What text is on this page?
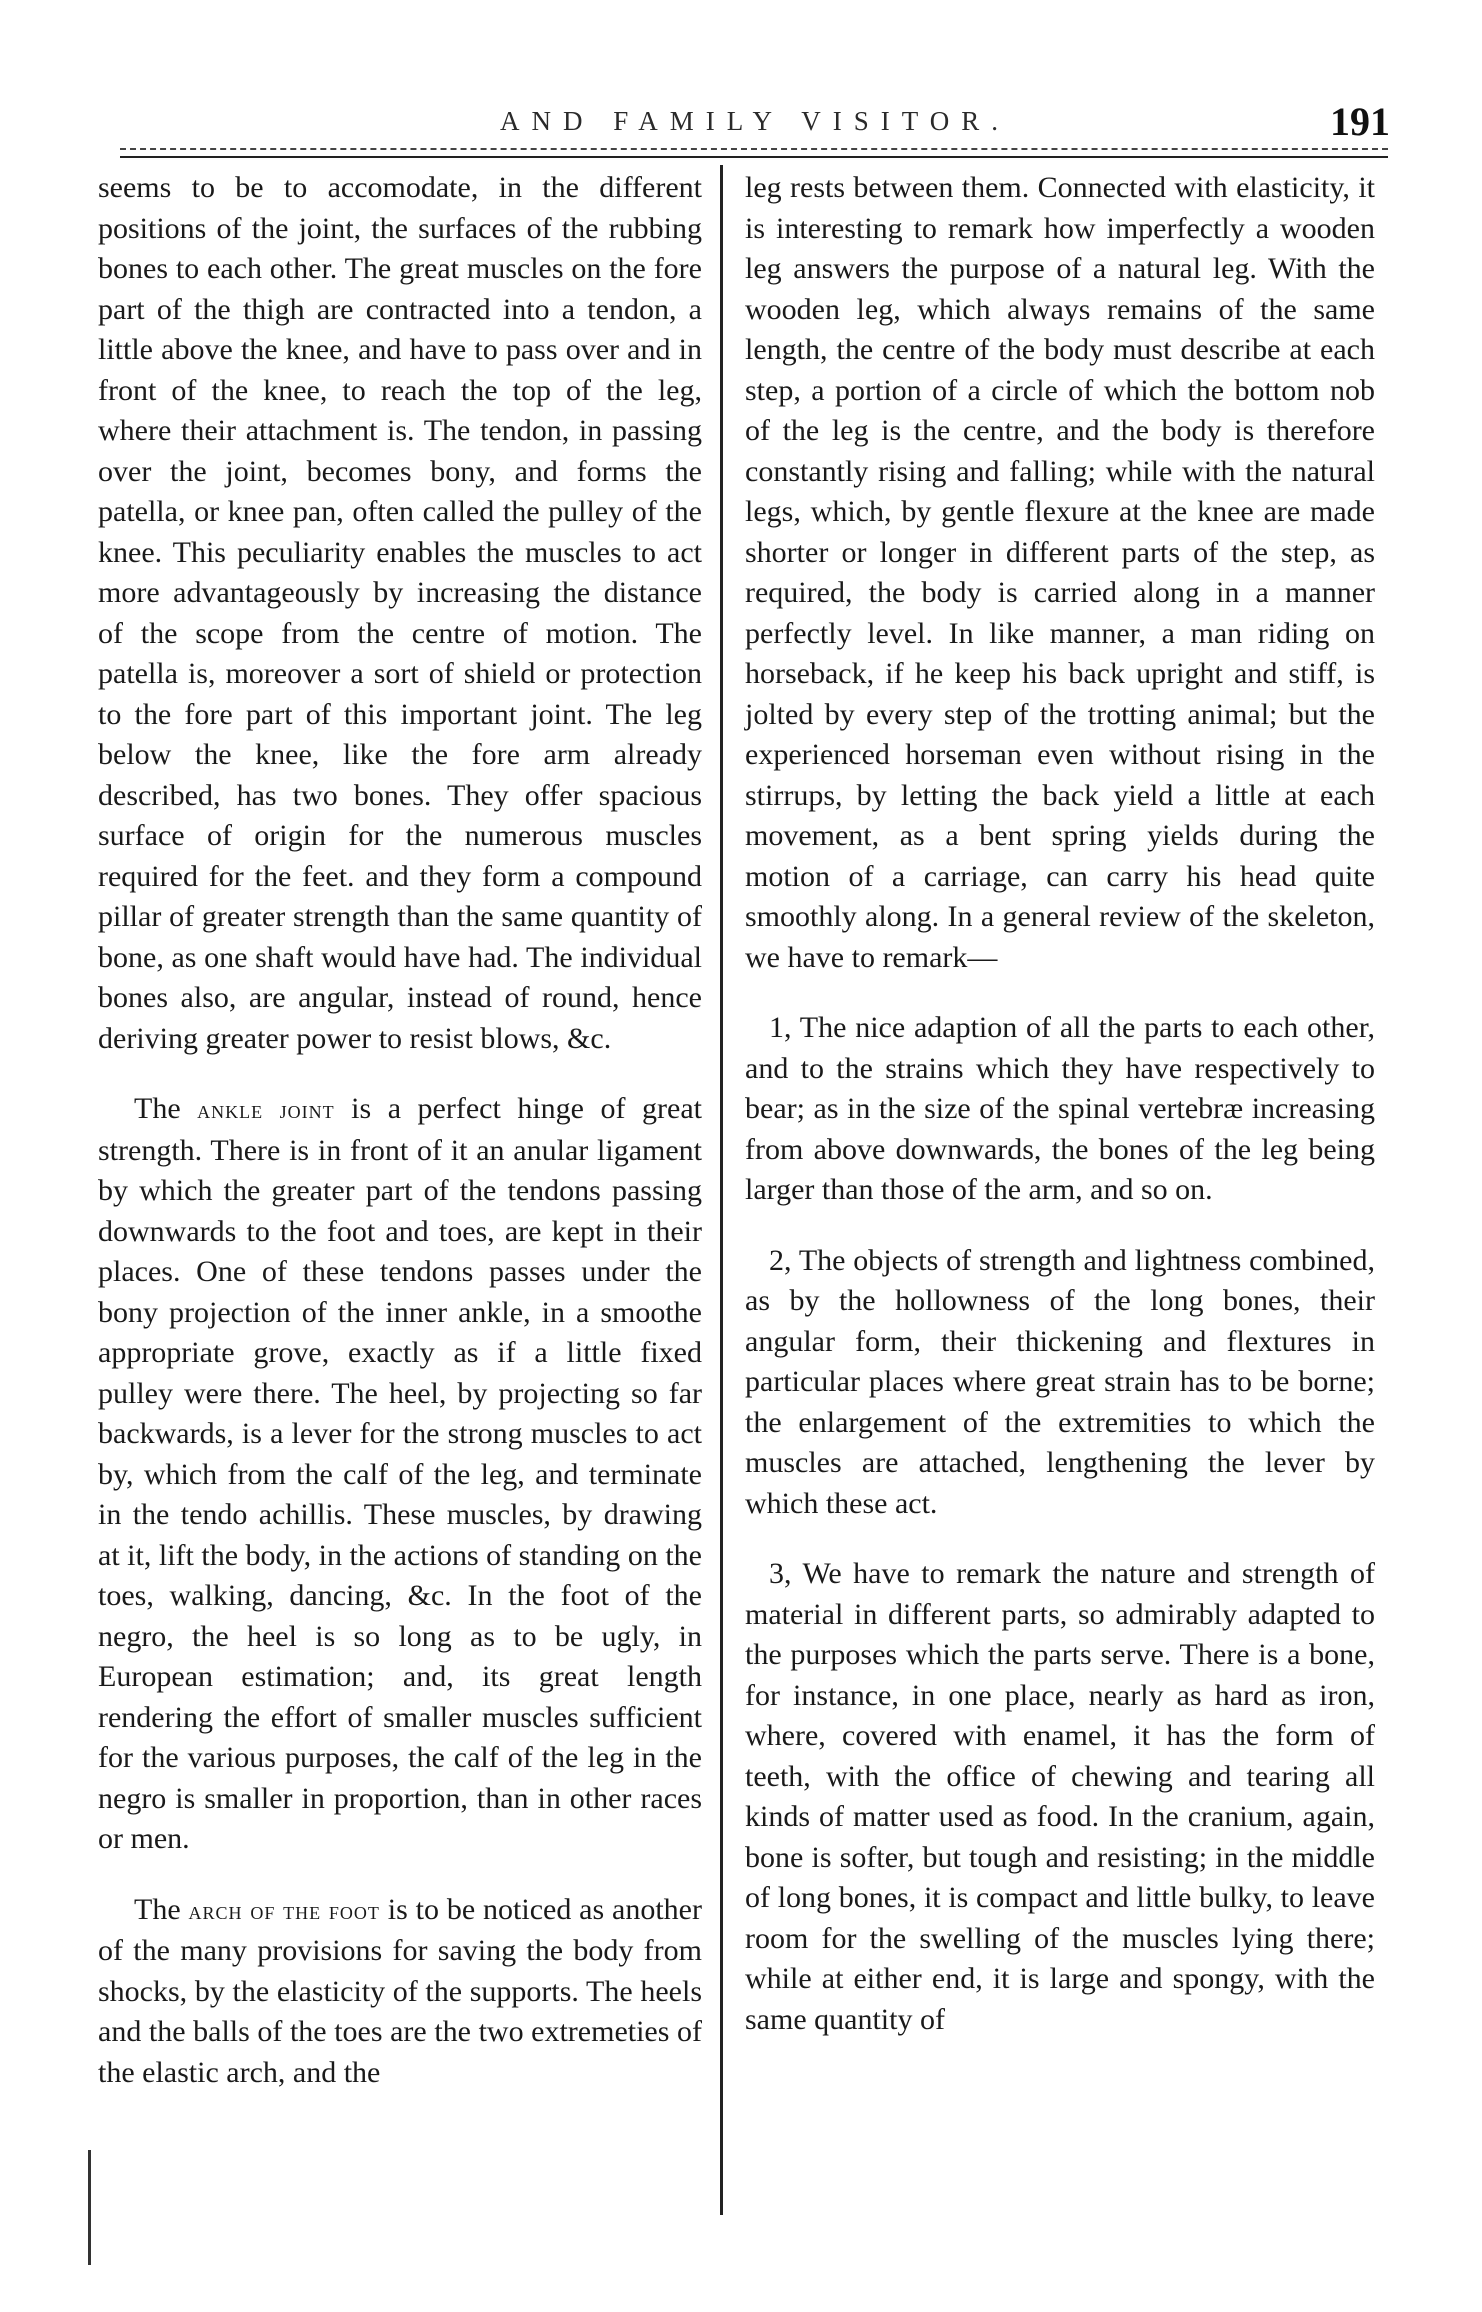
AND FAMILY VISITOR.	191

seems to be to accomodate, in the different positions of the joint, the surfaces of the rubbing bones to each other. The great muscles on the fore part of the thigh are contracted into a tendon, a little above the knee, and have to pass over and in front of the knee, to reach the top of the leg, where their attachment is. The tendon, in passing over the joint, becomes bony, and forms the patella, or knee pan, often called the pulley of the knee. This peculiarity enables the muscles to act more advantageously by increasing the distance of the scope from the centre of motion. The patella is, moreover a sort of shield or protection to the fore part of this important joint. The leg below the knee, like the fore arm already described, has two bones. They offer spacious surface of origin for the numerous muscles required for the feet. and they form a compound pillar of greater strength than the same quantity of bone, as one shaft would have had. The individual bones also, are angular, instead of round, hence deriving greater power to resist blows, &c.

The ankle joint is a perfect hinge of great strength. There is in front of it an anular ligament by which the greater part of the tendons passing downwards to the foot and toes, are kept in their places. One of these tendons passes under the bony projection of the inner ankle, in a smoothe appropriate grove, exactly as if a little fixed pulley were there. The heel, by projecting so far backwards, is a lever for the strong muscles to act by, which from the calf of the leg, and terminate in the tendo achillis. These muscles, by drawing at it, lift the body, in the actions of standing on the toes, walking, dancing, &c. In the foot of the negro, the heel is so long as to be ugly, in European estimation; and, its great length rendering the effort of smaller muscles sufficient for the various purposes, the calf of the leg in the negro is smaller in proportion, than in other races or men.

The arch of the foot is to be noticed as another of the many provisions for saving the body from shocks, by the elasticity of the supports. The heels and the balls of the toes are the two extremeties of the elastic arch, and the

leg rests between them. Connected with elasticity, it is interesting to remark how imperfectly a wooden leg answers the purpose of a natural leg. With the wooden leg, which always remains of the same length, the centre of the body must describe at each step, a portion of a circle of which the bottom nob of the leg is the centre, and the body is therefore constantly rising and falling; while with the natural legs, which, by gentle flexure at the knee are made shorter or longer in different parts of the step, as required, the body is carried along in a manner perfectly level. In like manner, a man riding on horseback, if he keep his back upright and stiff, is jolted by every step of the trotting animal; but the experienced horseman even without rising in the stirrups, by letting the back yield a little at each movement, as a bent spring yields during the motion of a carriage, can carry his head quite smoothly along. In a general review of the skeleton, we have to remark—

1, The nice adaption of all the parts to each other, and to the strains which they have respectively to bear; as in the size of the spinal vertebræ increasing from above downwards, the bones of the leg being larger than those of the arm, and so on.

2, The objects of strength and lightness combined, as by the hollowness of the long bones, their angular form, their thickening and flextures in particular places where great strain has to be borne; the enlargement of the extremities to which the muscles are attached, lengthening the lever by which these act.

3, We have to remark the nature and strength of material in different parts, so admirably adapted to the purposes which the parts serve. There is a bone, for instance, in one place, nearly as hard as iron, where, covered with enamel, it has the form of teeth, with the office of chewing and tearing all kinds of matter used as food. In the cranium, again, bone is softer, but tough and resisting; in the middle of long bones, it is compact and little bulky, to leave room for the swelling of the muscles lying there; while at either end, it is large and spongy, with the same quantity of
